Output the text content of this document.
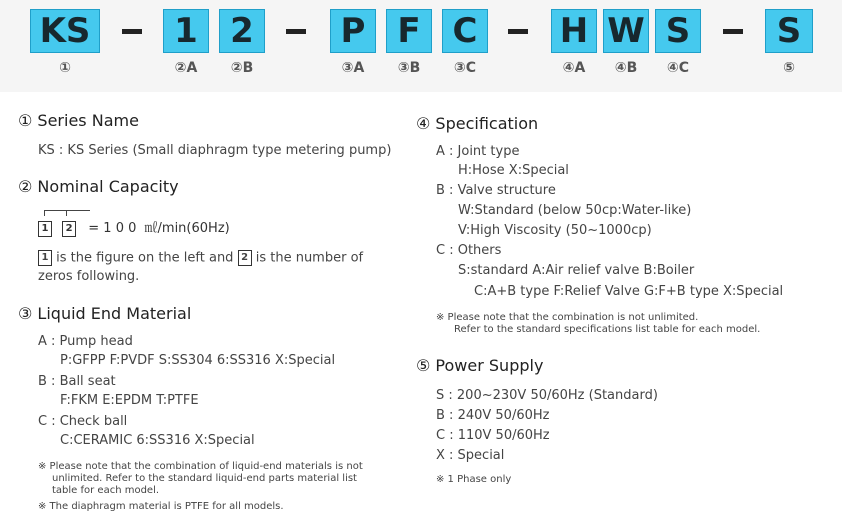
KS	1 2	P F C	H W S	S
①	②A	②B	③A	③B	③C	④A	④B	④C	⑤
① Series Name
KS : KS Series (Small diaphragm type metering pump)
② Nominal Capacity
1 2 = 1 0 0 ㎖/min(60Hz)
1 is the figure on the left and 2 is the number of
zeros following.
③ Liquid End Material
A : Pump head
P:GFPP F:PVDF S:SS304 6:SS316 X:Special
B : Ball seat
F:FKM E:EPDM T:PTFE
C : Check ball
C:CERAMIC 6:SS316 X:Special
※ Please note that the combination of liquid-end materials is not
unlimited. Refer to the standard liquid-end parts material list
table for each model.
※ The diaphragm material is PTFE for all models.
④ Specification
A : Joint type
H:Hose X:Special
B : Valve structure
W:Standard (below 50cp:Water-like)
V:High Viscosity (50~1000cp)
C : Others
S:standard A:Air relief valve B:Boiler
C:A+B type F:Relief Valve G:F+B type X:Special
※ Please note that the combination is not unlimited.
Refer to the standard specifications list table for each model.
⑤ Power Supply
S : 200~230V 50/60Hz (Standard)
B : 240V 50/60Hz
C : 110V 50/60Hz
X : Special
※ 1 Phase only
